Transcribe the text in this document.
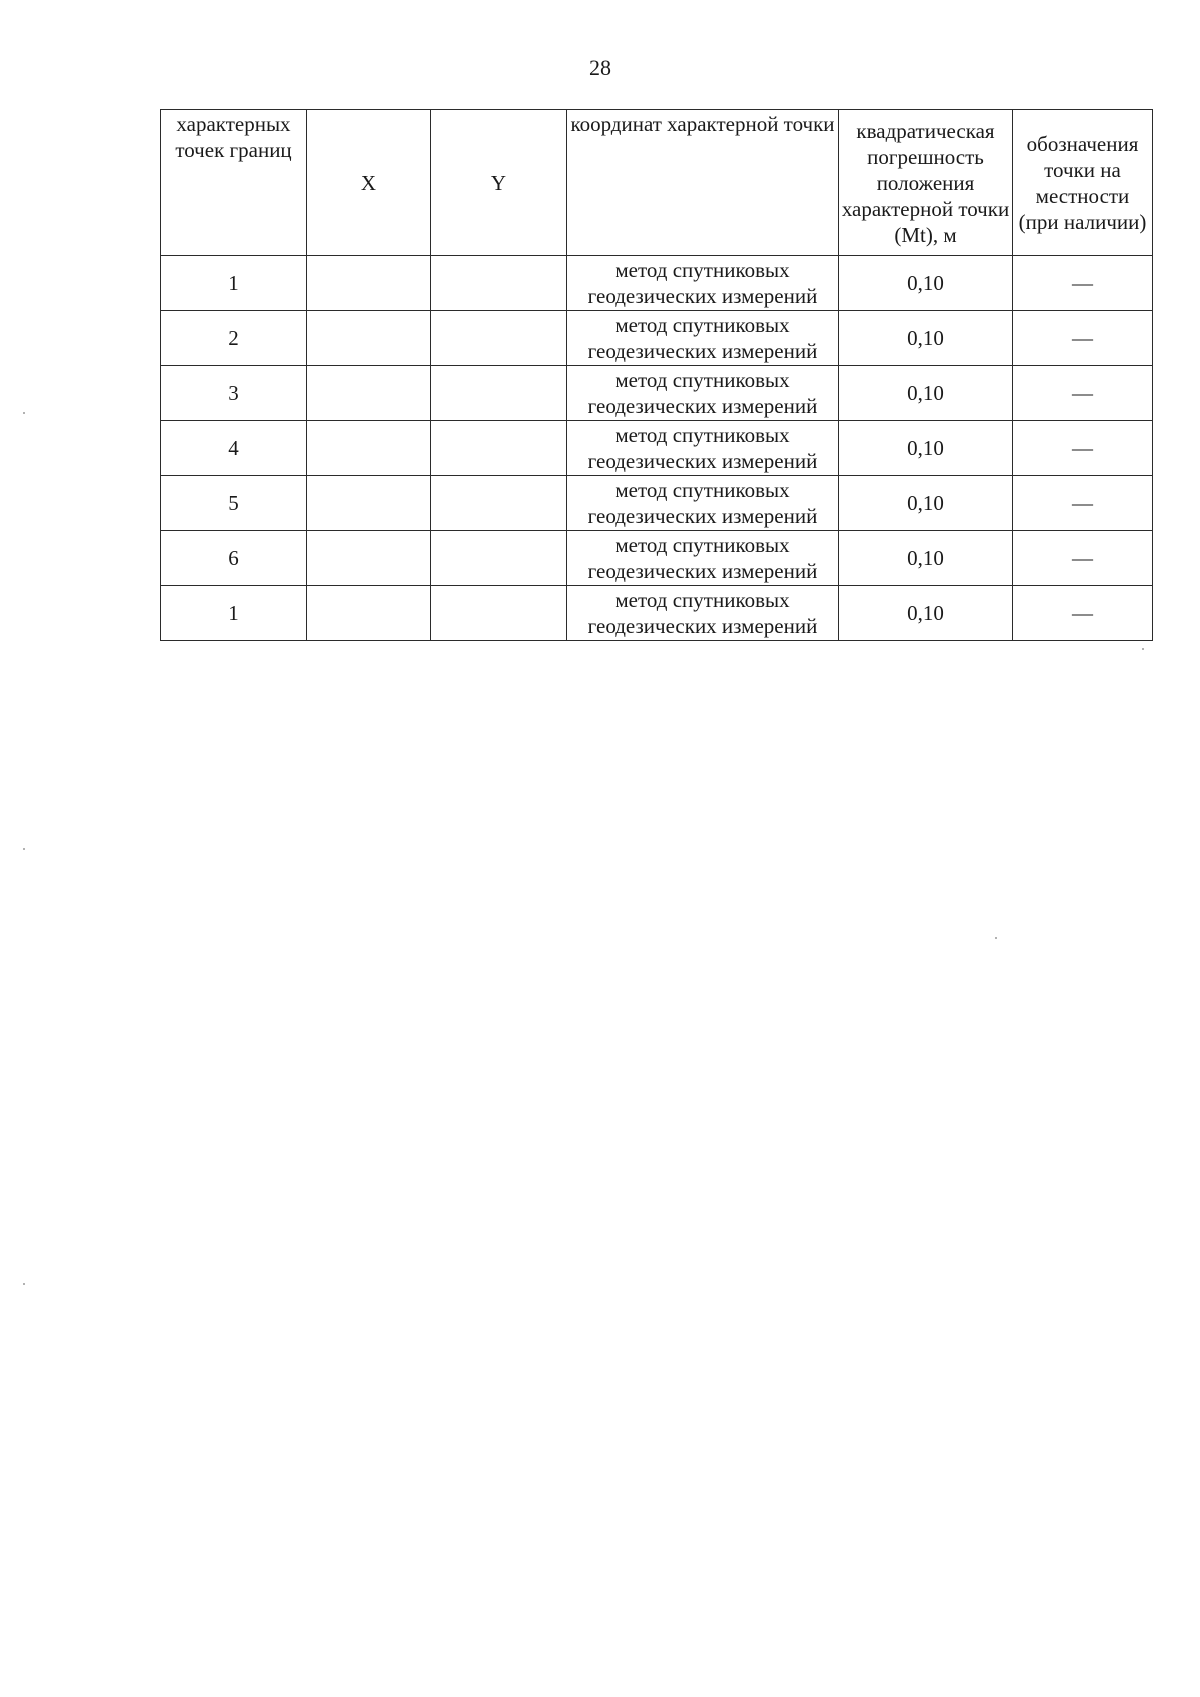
28
характерных точек границ	X	Y	координат характерной точки	квадратическая погрешность положения характерной точки (Mt), м	обозначения точки на местности (при наличии)
1			метод спутниковых геодезических измерений	0,10	—
2			метод спутниковых геодезических измерений	0,10	—
3			метод спутниковых геодезических измерений	0,10	—
4			метод спутниковых геодезических измерений	0,10	—
5			метод спутниковых геодезических измерений	0,10	—
6			метод спутниковых геодезических измерений	0,10	—
1			метод спутниковых геодезических измерений	0,10	—
